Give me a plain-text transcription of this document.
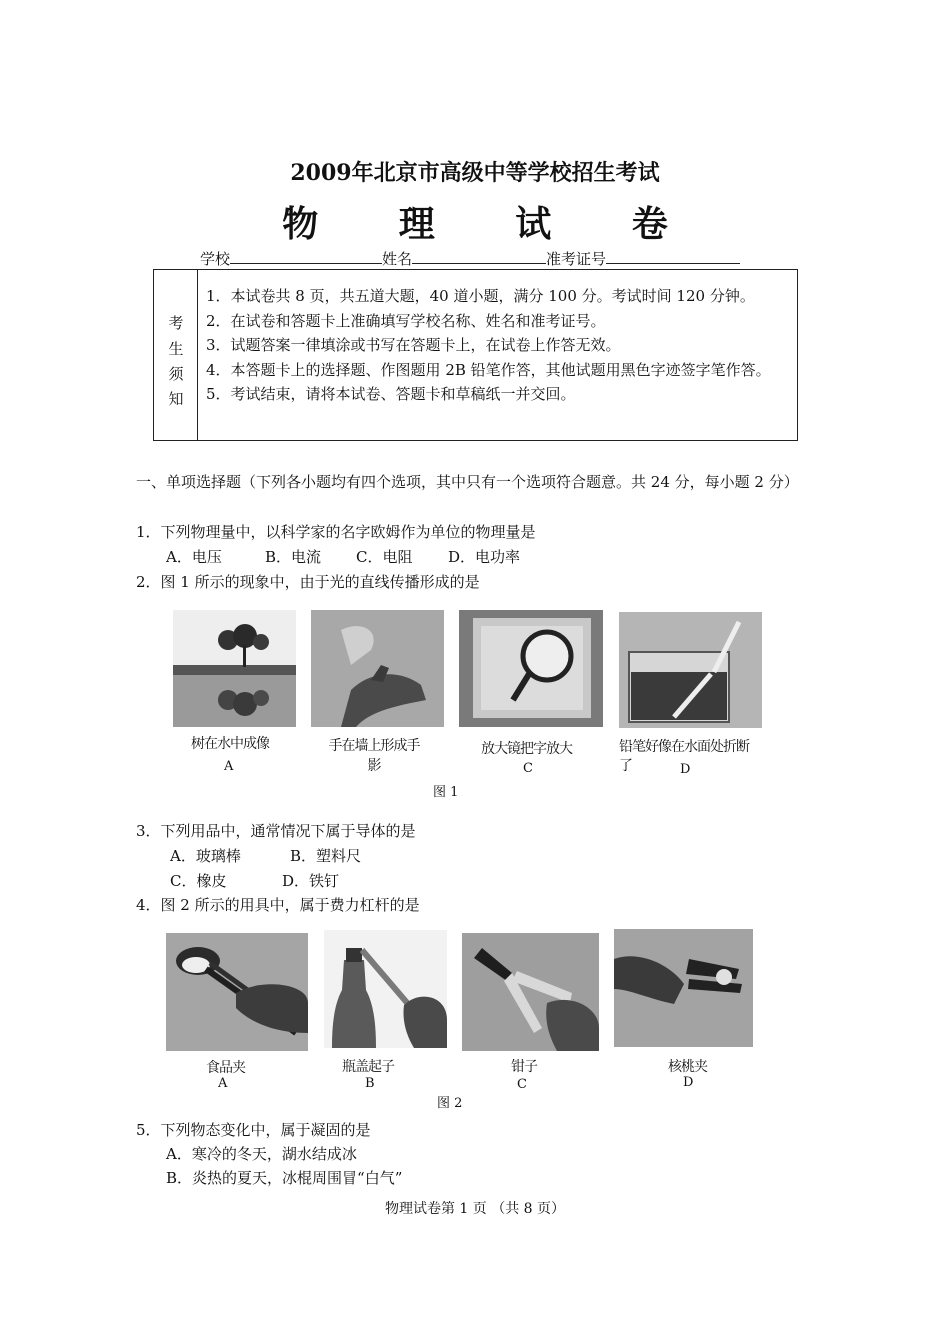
2009年北京市高级中等学校招生考试
物 理 试 卷
学校	姓名	准考证号
考
生
须
知
1．本试卷共 8 页，共五道大题，40 道小题，满分 100 分。考试时间 120 分钟。
2．在试卷和答题卡上准确填写学校名称、姓名和准考证号。
3．试题答案一律填涂或书写在答题卡上，在试卷上作答无效。
4．本答题卡上的选择题、作图题用 2B 铅笔作答，其他试题用黑色字迹签字笔作答。
5．考试结束，请将本试卷、答题卡和草稿纸一并交回。
一、单项选择题（下列各小题均有四个选项，其中只有一个选项符合题意。共 24 分，每小题 2 分）
1．下列物理量中，以科学家的名字欧姆作为单位的物理量是
A．电压	B．电流 C．电阻 D．电功率
2．图 1 所示的现象中，由于光的直线传播形成的是
树在水中成像
A
手在墙上形成手影
放大镜把字放大
C
铅笔好像在水面处折断了	D
图 1
3．下列用品中，通常情况下属于导体的是
A．玻璃棒	B．塑料尺
C．橡皮	D．铁钉
4．图 2 所示的用具中，属于费力杠杆的是
食品夹
A
瓶盖起子
B
钳子
C
核桃夹
D
图 2
5．下列物态变化中，属于凝固的是
A．寒冷的冬天，湖水结成冰
B．炎热的夏天，冰棍周围冒“白气”
物理试卷第 1 页 （共 8 页）
